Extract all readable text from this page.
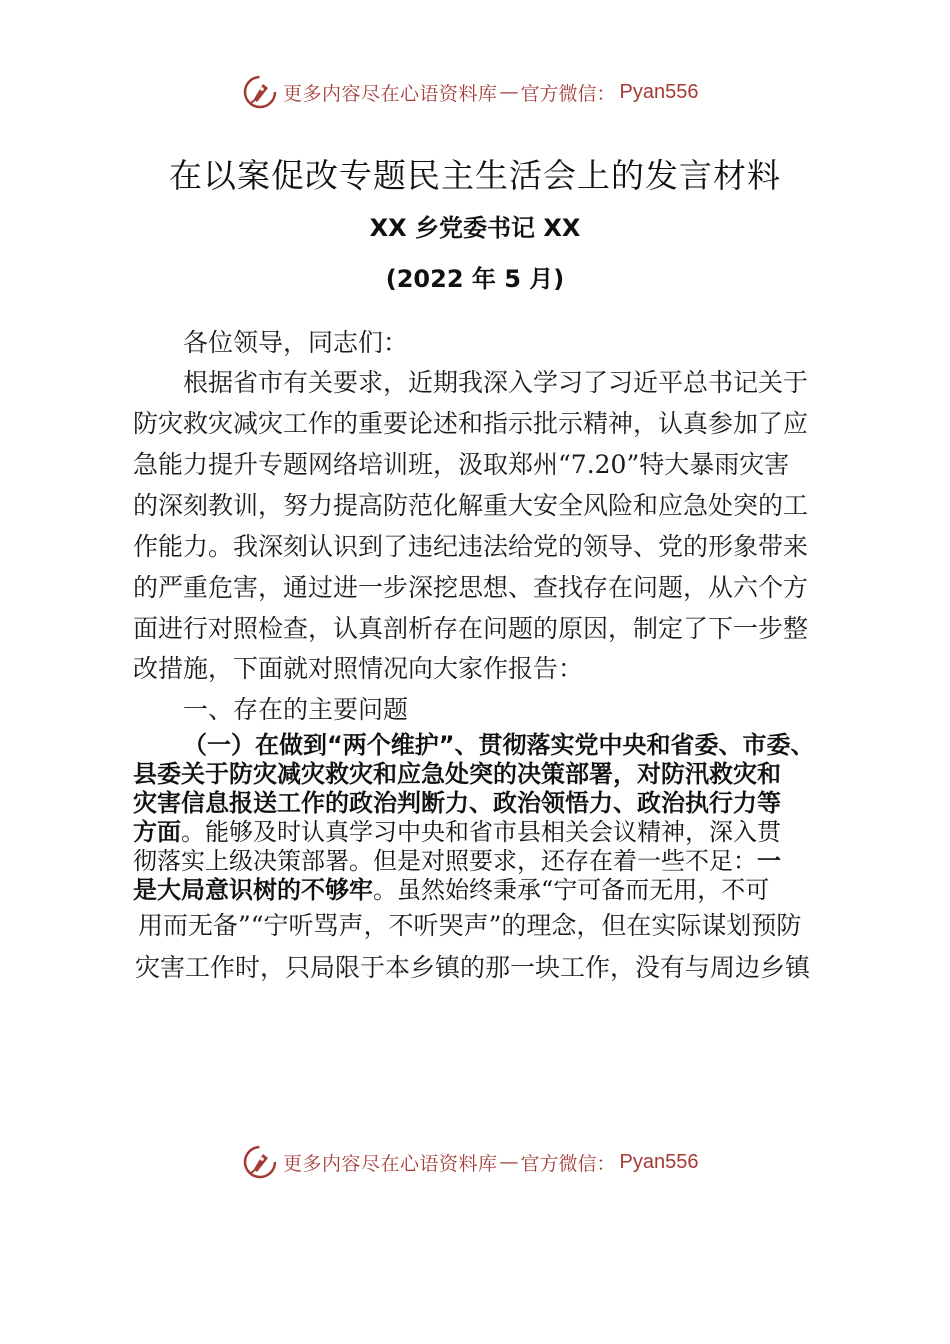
更多内容尽在心语资料库 — 官方微信： Pyan556
在以案促改专题民主生活会上的发言材料
XX 乡党委书记 XX
(2022 年 5 月)
各位领导，同志们：
根据省市有关要求，近期我深入学习了习近平总书记关于
防灾救灾减灾工作的重要论述和指示批示精神，认真参加了应
急能力提升专题网络培训班，汲取郑州“7.20”特大暴雨灾害
的深刻教训，努力提高防范化解重大安全风险和应急处突的工
作能力。我深刻认识到了违纪违法给党的领导、党的形象带来
的严重危害，通过进一步深挖思想、查找存在问题，从六个方
面进行对照检查，认真剖析存在问题的原因，制定了下一步整
改措施，下面就对照情况向大家作报告：
一、存在的主要问题
（一）在做到“两个维护”、贯彻落实党中央和省委、市委、
县委关于防灾减灾救灾和应急处突的决策部署，对防汛救灾和
灾害信息报送工作的政治判断力、政治领悟力、政治执行力等
方面。能够及时认真学习中央和省市县相关会议精神，深入贯
彻落实上级决策部署。但是对照要求，还存在着一些不足：一
是大局意识树的不够牢。虽然始终秉承“宁可备而无用，不可
用而无备”“宁听骂声，不听哭声”的理念，但在实际谋划预防
灾害工作时，只局限于本乡镇的那一块工作，没有与周边乡镇
更多内容尽在心语资料库 — 官方微信： Pyan556
